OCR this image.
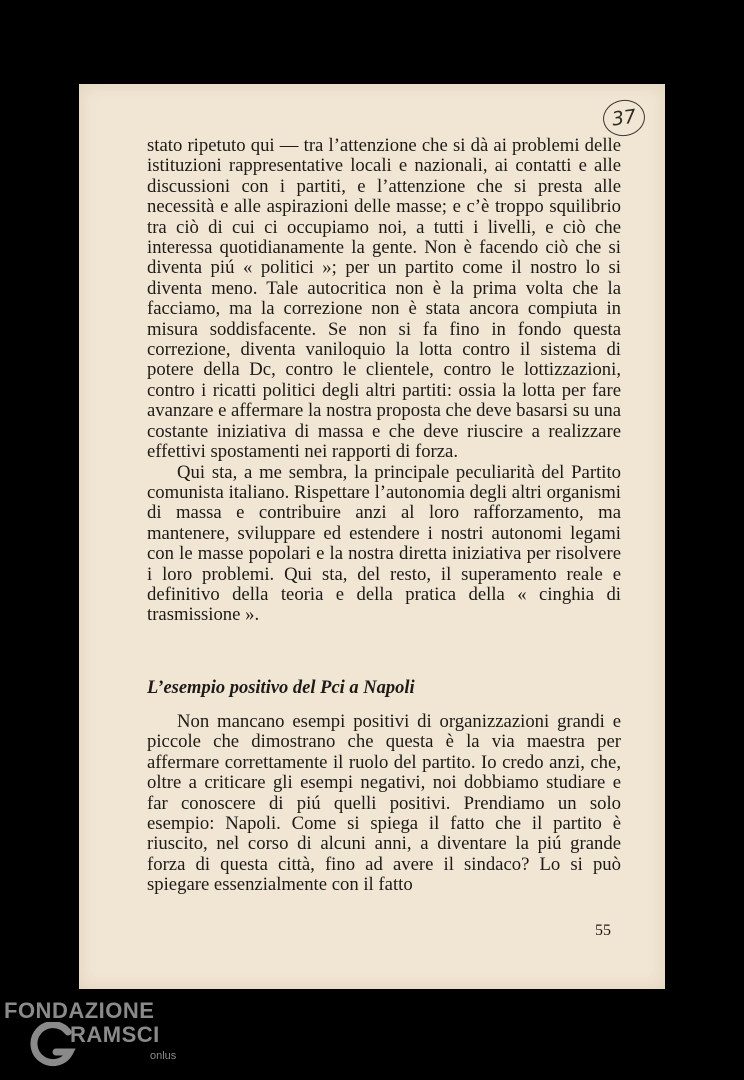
37

stato ripetuto qui — tra l’attenzione che si dà ai problemi delle istituzioni rappresentative locali e nazionali, ai contatti e alle discussioni con i partiti, e l’attenzione che si presta alle necessità e alle aspirazioni delle masse; e c’è troppo squilibrio tra ciò di cui ci occupiamo noi, a tutti i livelli, e ciò che interessa quotidianamente la gente. Non è facendo ciò che si diventa piú « politici »; per un partito come il nostro lo si diventa meno. Tale autocritica non è la prima volta che la facciamo, ma la correzione non è stata ancora compiuta in misura soddisfacente. Se non si fa fino in fondo questa correzione, diventa vaniloquio la lotta contro il sistema di potere della Dc, contro le clientele, contro le lottizzazioni, contro i ricatti politici degli altri partiti: ossia la lotta per fare avanzare e affermare la nostra proposta che deve basarsi su una costante iniziativa di massa e che deve riuscire a realizzare effettivi spostamenti nei rapporti di forza.

Qui sta, a me sembra, la principale peculiarità del Partito comunista italiano. Rispettare l’autonomia degli altri organismi di massa e contribuire anzi al loro rafforzamento, ma mantenere, sviluppare ed estendere i nostri autonomi legami con le masse popolari e la nostra diretta iniziativa per risolvere i loro problemi. Qui sta, del resto, il superamento reale e definitivo della teoria e della pratica della « cinghia di trasmissione ».

L’esempio positivo del Pci a Napoli

Non mancano esempi positivi di organizzazioni grandi e piccole che dimostrano che questa è la via maestra per affermare correttamente il ruolo del partito. Io credo anzi, che, oltre a criticare gli esempi negativi, noi dobbiamo studiare e far conoscere di piú quelli positivi. Prendiamo un solo esempio: Napoli. Come si spiega il fatto che il partito è riuscito, nel corso di alcuni anni, a diventare la piú grande forza di questa città, fino ad avere il sindaco? Lo si può spiegare essenzialmente con il fatto

55
FONDAZIONE
RAMSCI
onlus
